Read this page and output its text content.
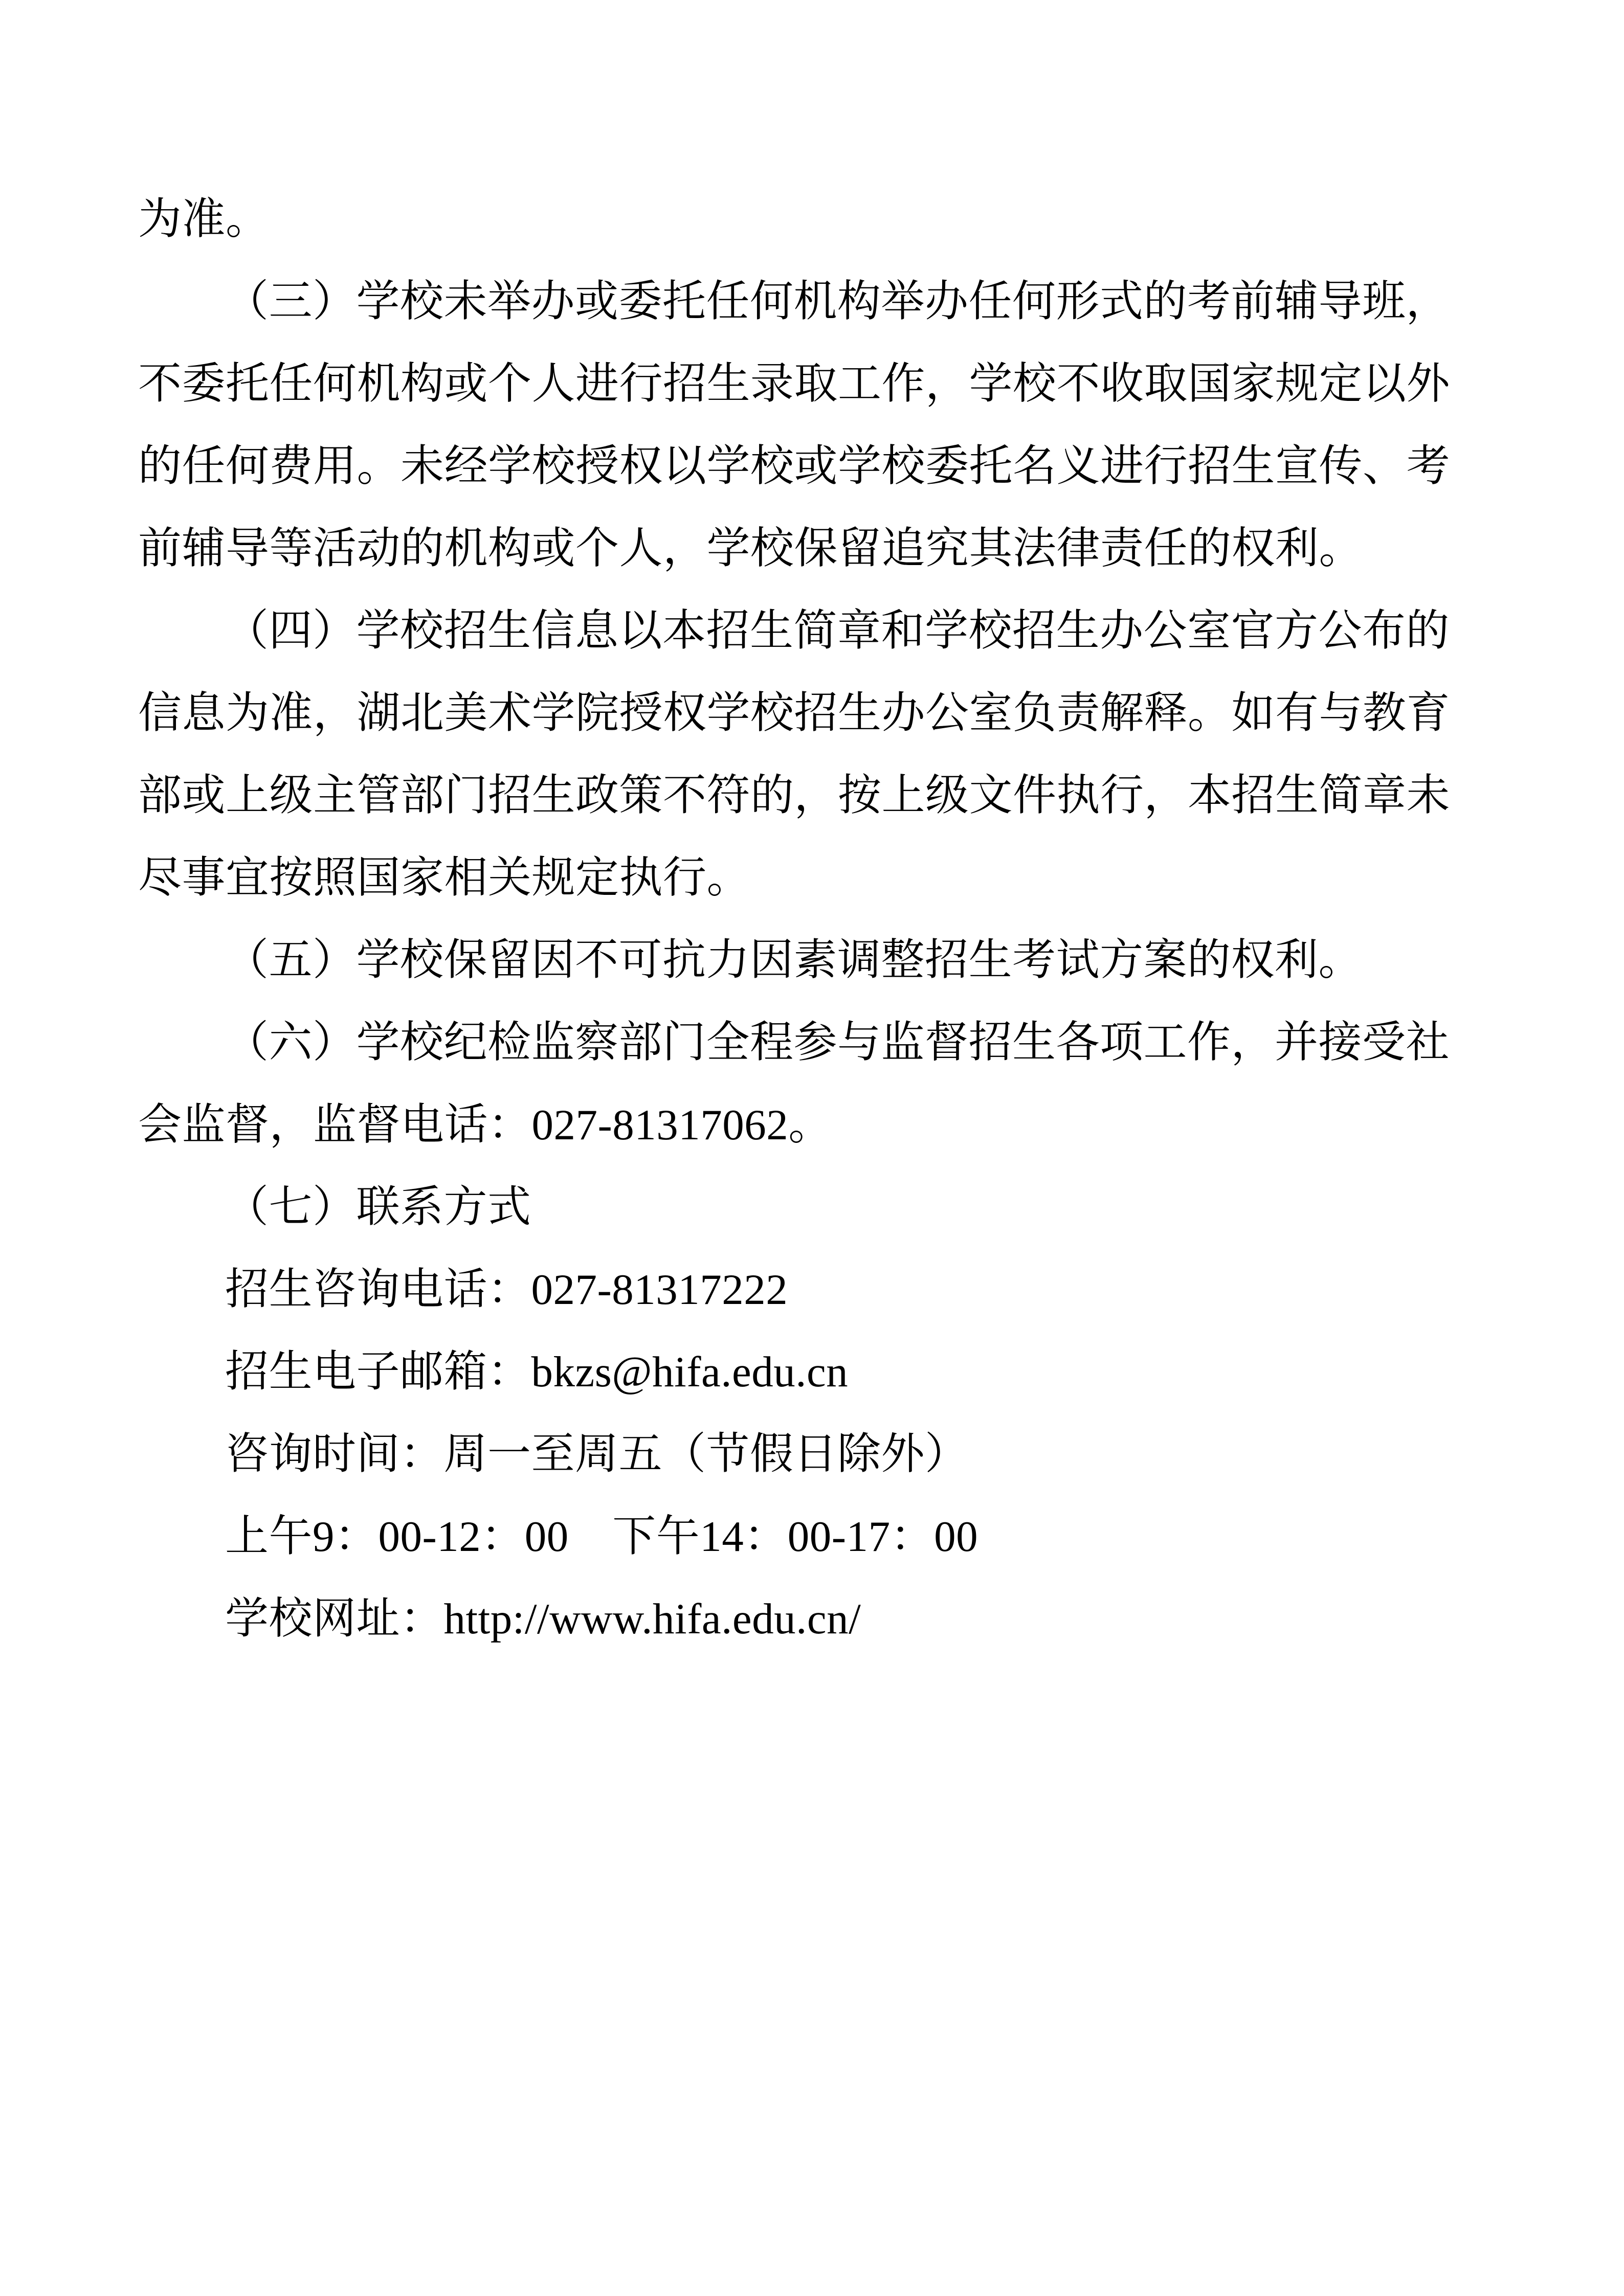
为准。
（三）学校未举办或委托任何机构举办任何形式的考前辅导班，
不委托任何机构或个人进行招生录取工作，学校不收取国家规定以外
的任何费用。未经学校授权以学校或学校委托名义进行招生宣传、考
前辅导等活动的机构或个人，学校保留追究其法律责任的权利。
（四）学校招生信息以本招生简章和学校招生办公室官方公布的
信息为准，湖北美术学院授权学校招生办公室负责解释。如有与教育
部或上级主管部门招生政策不符的，按上级文件执行，本招生简章未
尽事宜按照国家相关规定执行。
（五）学校保留因不可抗力因素调整招生考试方案的权利。
（六）学校纪检监察部门全程参与监督招生各项工作，并接受社
会监督，监督电话：027-81317062。
（七）联系方式
招生咨询电话：027-81317222
招生电子邮箱：bkzs@hifa.edu.cn
咨询时间：周一至周五（节假日除外）
上午9：00-12：00　下午14：00-17：00
学校网址：http://www.hifa.edu.cn/
